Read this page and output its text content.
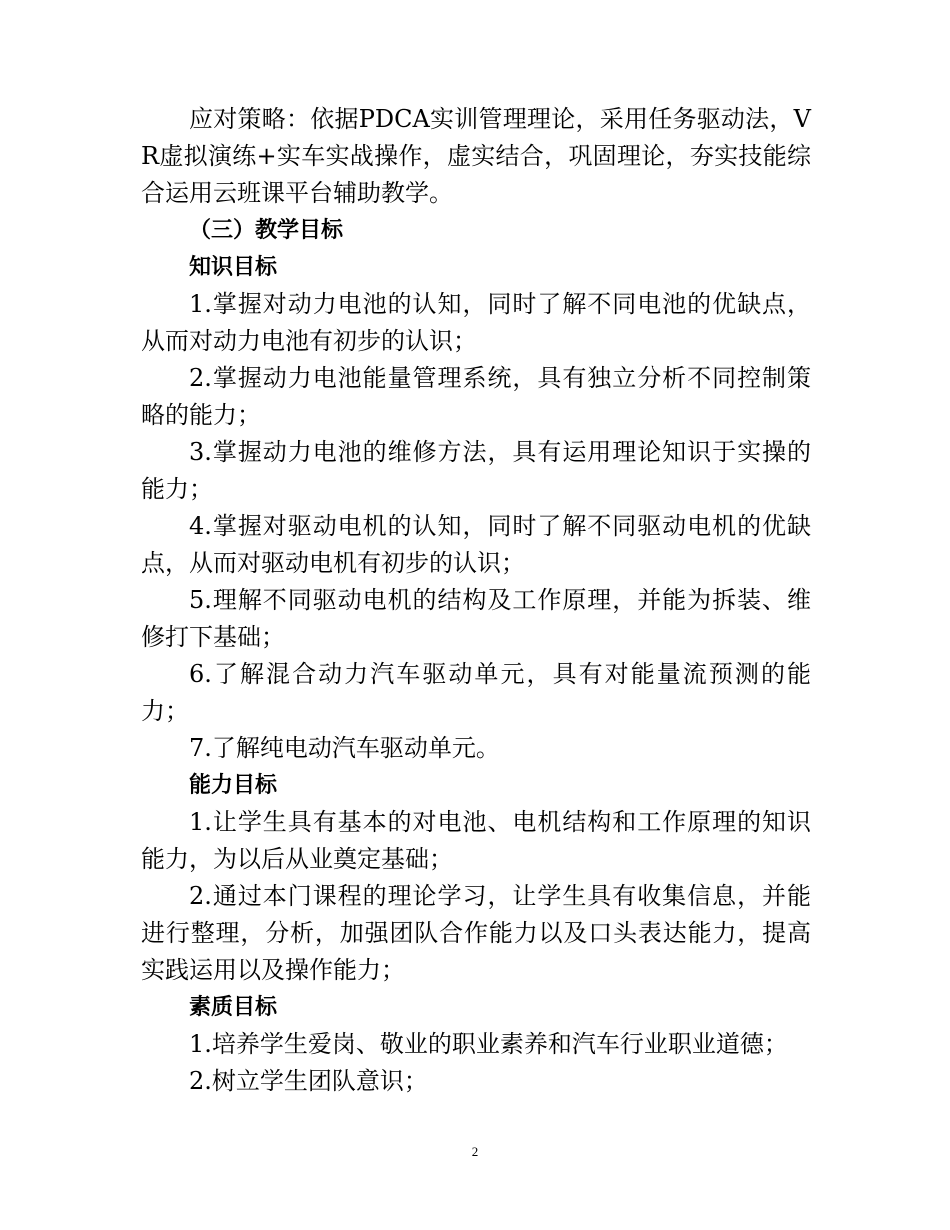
应对策略：依据PDCA实训管理理论，采用任务驱动法，VR虚拟演练+实车实战操作，虚实结合，巩固理论，夯实技能综合运用云班课平台辅助教学。

（三）教学目标
知识目标

1.掌握对动力电池的认知，同时了解不同电池的优缺点，从而对动力电池有初步的认识；

2.掌握动力电池能量管理系统，具有独立分析不同控制策略的能力；

3.掌握动力电池的维修方法，具有运用理论知识于实操的能力；

4.掌握对驱动电机的认知，同时了解不同驱动电机的优缺点，从而对驱动电机有初步的认识；

5.理解不同驱动电机的结构及工作原理，并能为拆装、维修打下基础；

6.了解混合动力汽车驱动单元，具有对能量流预测的能力；

7.了解纯电动汽车驱动单元。

能力目标

1.让学生具有基本的对电池、电机结构和工作原理的知识能力，为以后从业奠定基础；

2.通过本门课程的理论学习，让学生具有收集信息，并能进行整理，分析，加强团队合作能力以及口头表达能力，提高实践运用以及操作能力；

素质目标

1.培养学生爱岗、敬业的职业素养和汽车行业职业道德；

2.树立学生团队意识；

2
